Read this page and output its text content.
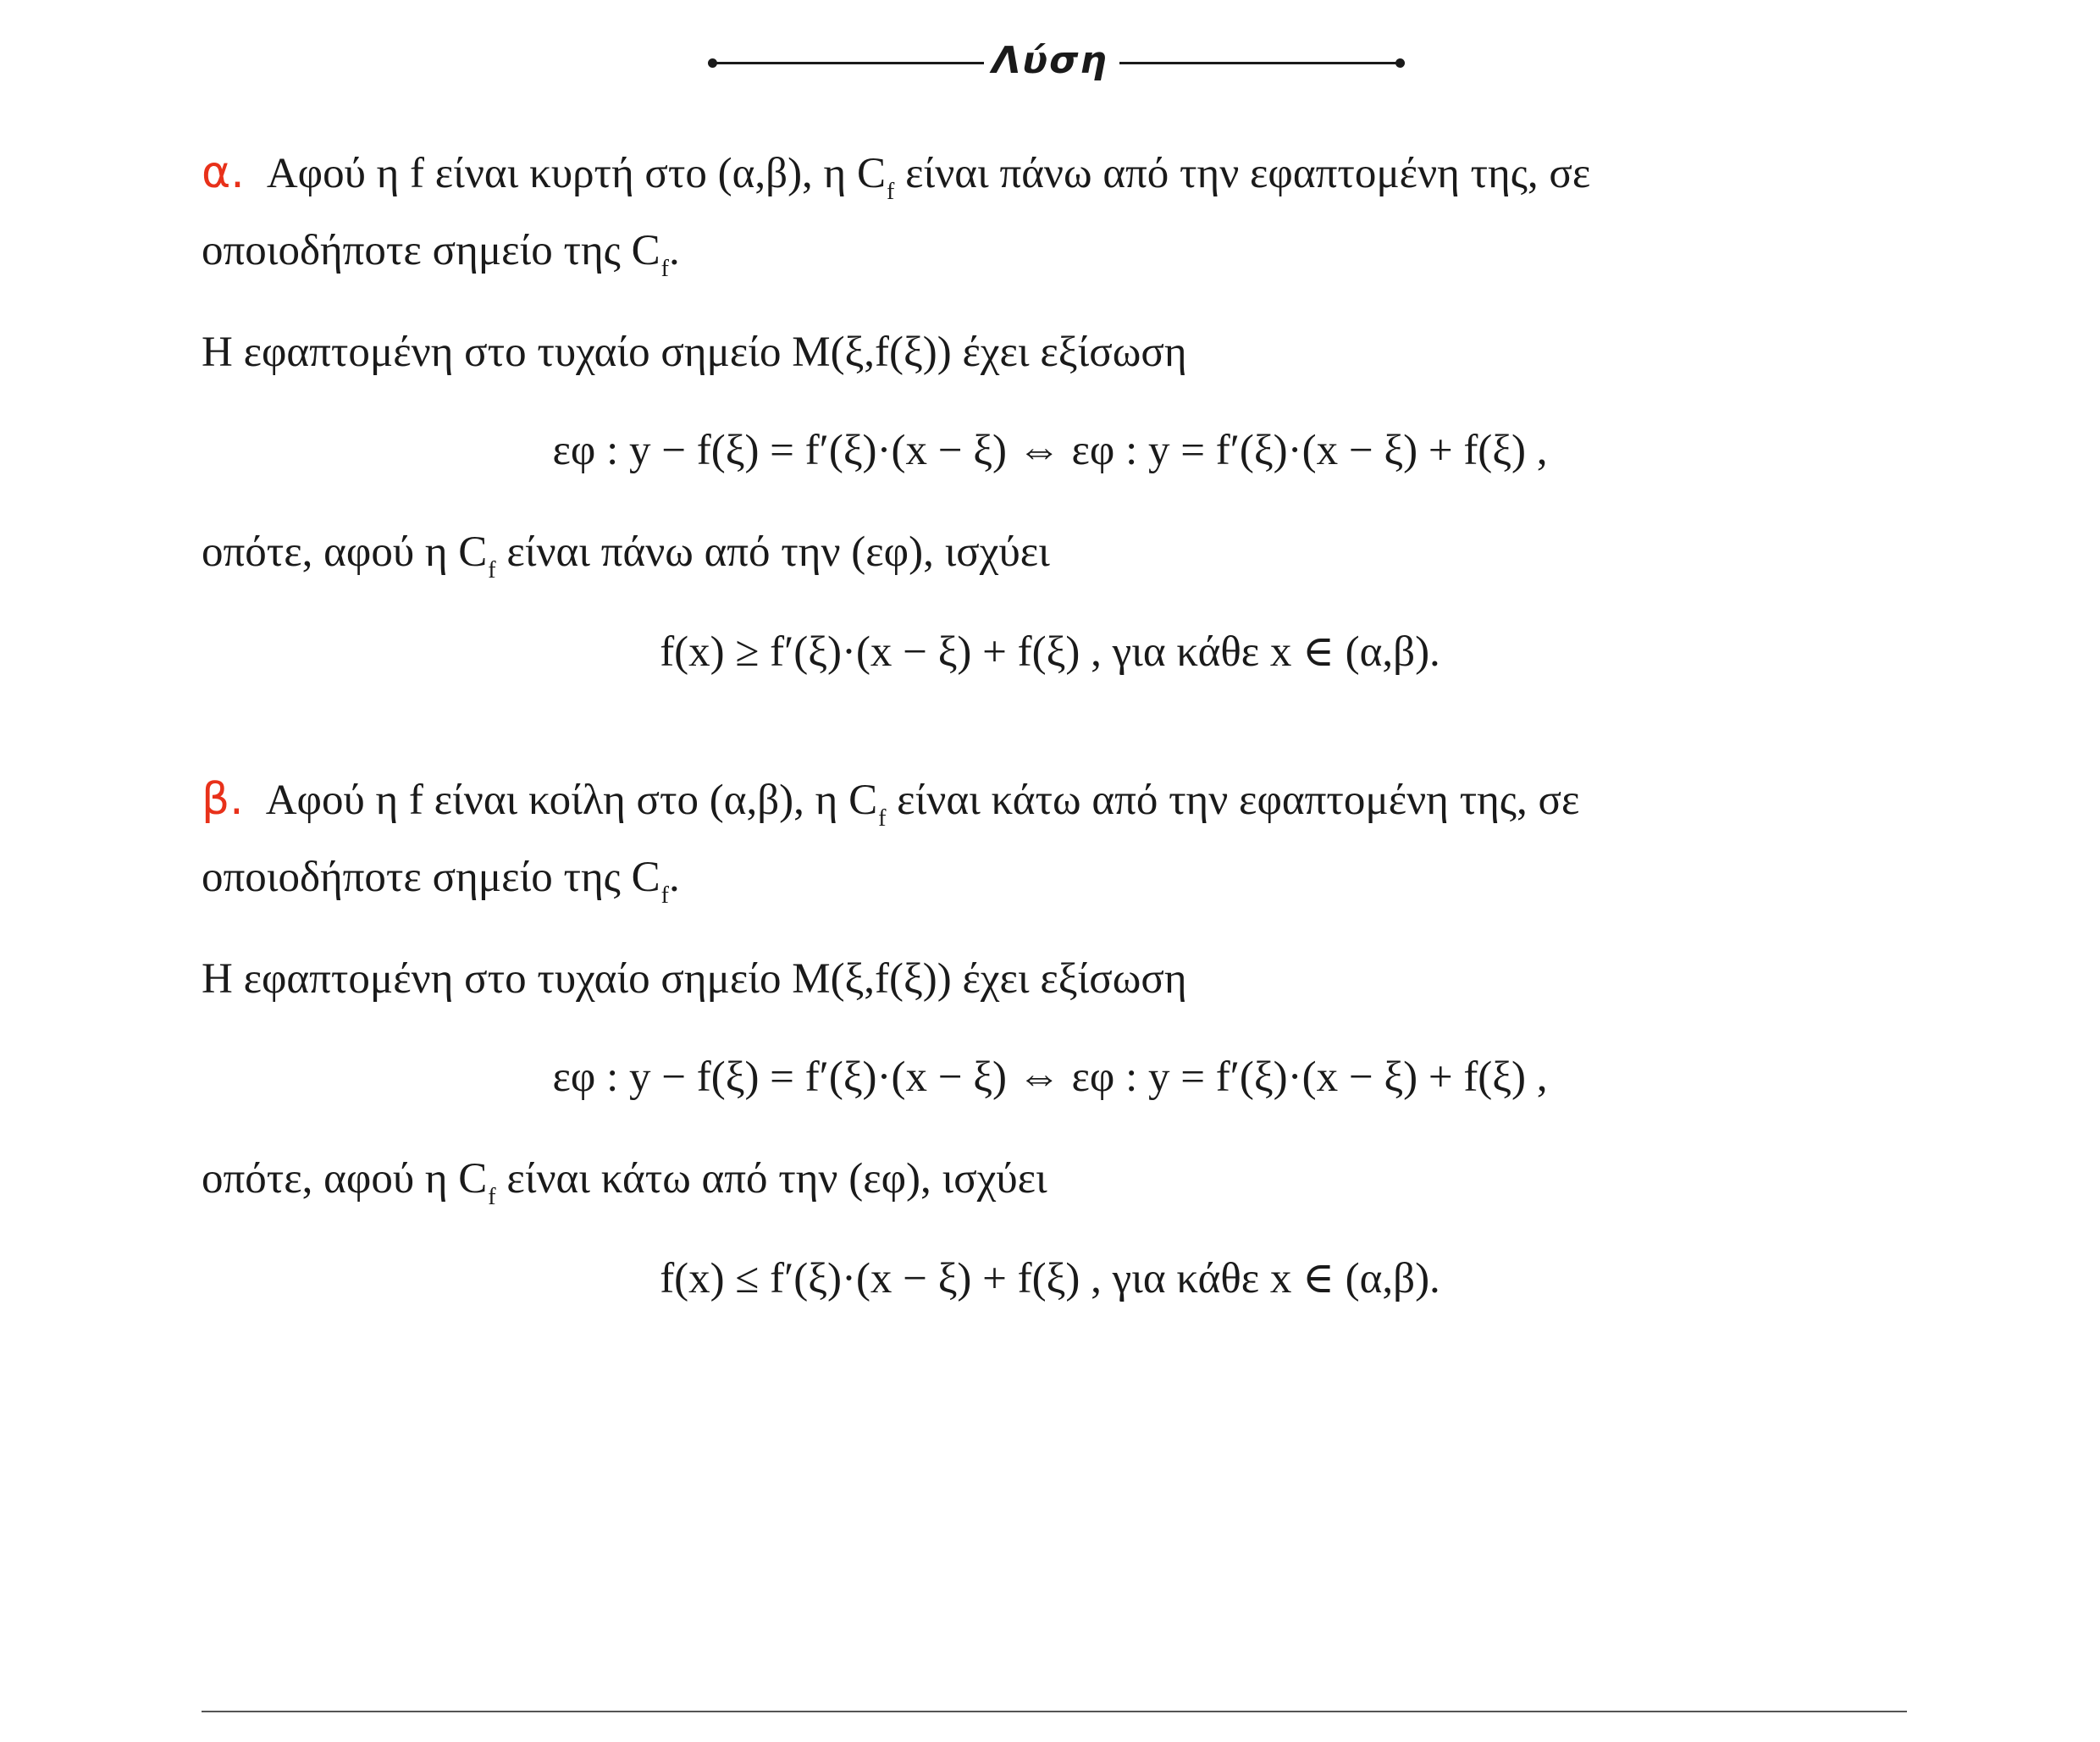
Λύση
α. Αφού η f είναι κυρτή στο (α,β), η $C_f$ είναι πάνω από την εφαπτομένη της, σε
οποιοδήποτε σημείο της $C_f$.
Η εφαπτομένη στο τυχαίο σημείο Μ(ξ,f(ξ)) έχει εξίσωση
εφ : y − f(ξ) = f′(ξ)·(x − ξ) ⇔ εφ : y = f′(ξ)·(x − ξ) + f(ξ) ,
οπότε, αφού η $C_f$ είναι πάνω από την (εφ), ισχύει
f(x) ≥ f′(ξ)·(x − ξ) + f(ξ) , για κάθε x ∈ (α,β).
β. Αφού η f είναι κοίλη στο (α,β), η $C_f$ είναι κάτω από την εφαπτομένη της, σε
οποιοδήποτε σημείο της $C_f$.
Η εφαπτομένη στο τυχαίο σημείο Μ(ξ,f(ξ)) έχει εξίσωση
εφ : y − f(ξ) = f′(ξ)·(x − ξ) ⇔ εφ : y = f′(ξ)·(x − ξ) + f(ξ) ,
οπότε, αφού η $C_f$ είναι κάτω από την (εφ), ισχύει
f(x) ≤ f′(ξ)·(x − ξ) + f(ξ) , για κάθε x ∈ (α,β).
